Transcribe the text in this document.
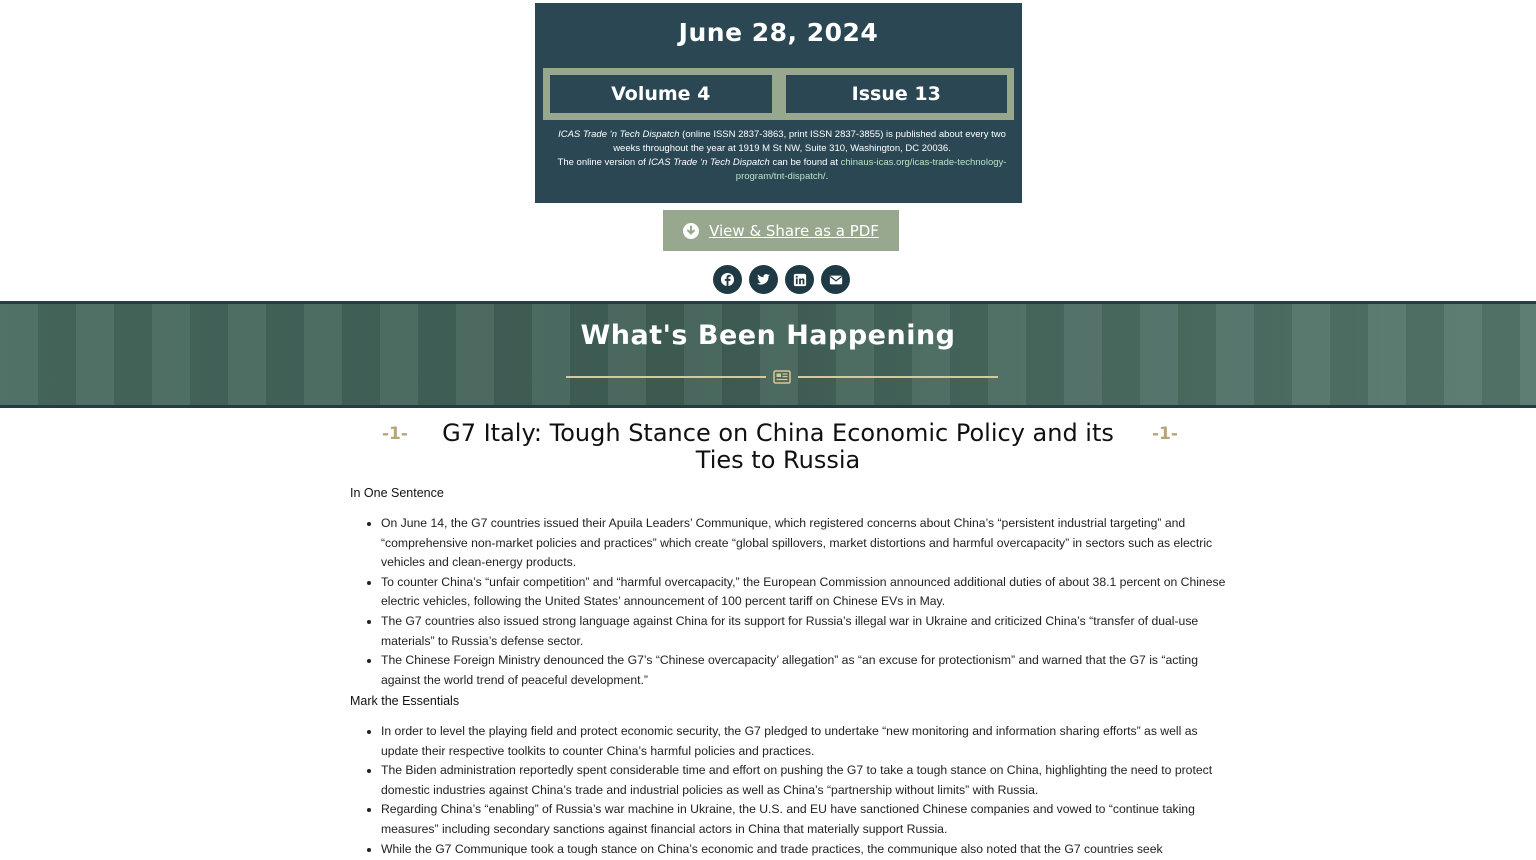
June 28, 2024
Volume 4	Issue 13
ICAS Trade ‘n Tech Dispatch (online ISSN 2837-3863, print ISSN 2837-3855) is published about every two weeks throughout the year at 1919 M St NW, Suite 310, Washington, DC 20036.
The online version of ICAS Trade ‘n Tech Dispatch can be found at chinaus-icas.org/icas-trade-technology-program/tnt-dispatch/.
View & Share as a PDF
What's Been Happening
-1- G7 Italy: Tough Stance on China Economic Policy and its Ties to Russia
-1-
In One Sentence
• On June 14, the G7 countries issued their Apuila Leaders’ Communique, which registered concerns about China’s “persistent industrial targeting” and “comprehensive non-market policies and practices” which create “global spillovers, market distortions and harmful overcapacity” in sectors such as electric vehicles and clean-energy products.
• To counter China’s “unfair competition” and “harmful overcapacity,” the European Commission announced additional duties of about 38.1 percent on Chinese electric vehicles, following the United States’ announcement of 100 percent tariff on Chinese EVs in May.
• The G7 countries also issued strong language against China for its support for Russia’s illegal war in Ukraine and criticized China’s “transfer of dual-use materials” to Russia’s defense sector.
• The Chinese Foreign Ministry denounced the G7’s “Chinese overcapacity’ allegation” as “an excuse for protectionism” and warned that the G7 is “acting against the world trend of peaceful development.”
Mark the Essentials
• In order to level the playing field and protect economic security, the G7 pledged to undertake “new monitoring and information sharing efforts” as well as update their respective toolkits to counter China’s harmful policies and practices.
• The Biden administration reportedly spent considerable time and effort on pushing the G7 to take a tough stance on China, highlighting the need to protect domestic industries against China’s trade and industrial policies as well as China’s “partnership without limits” with Russia.
• Regarding China’s “enabling” of Russia’s war machine in Ukraine, the U.S. and EU have sanctioned Chinese companies and vowed to “continue taking measures” including secondary sanctions against financial actors in China that materially support Russia.
• While the G7 Communique took a tough stance on China’s economic and trade practices, the communique also noted that the G7 countries seek
